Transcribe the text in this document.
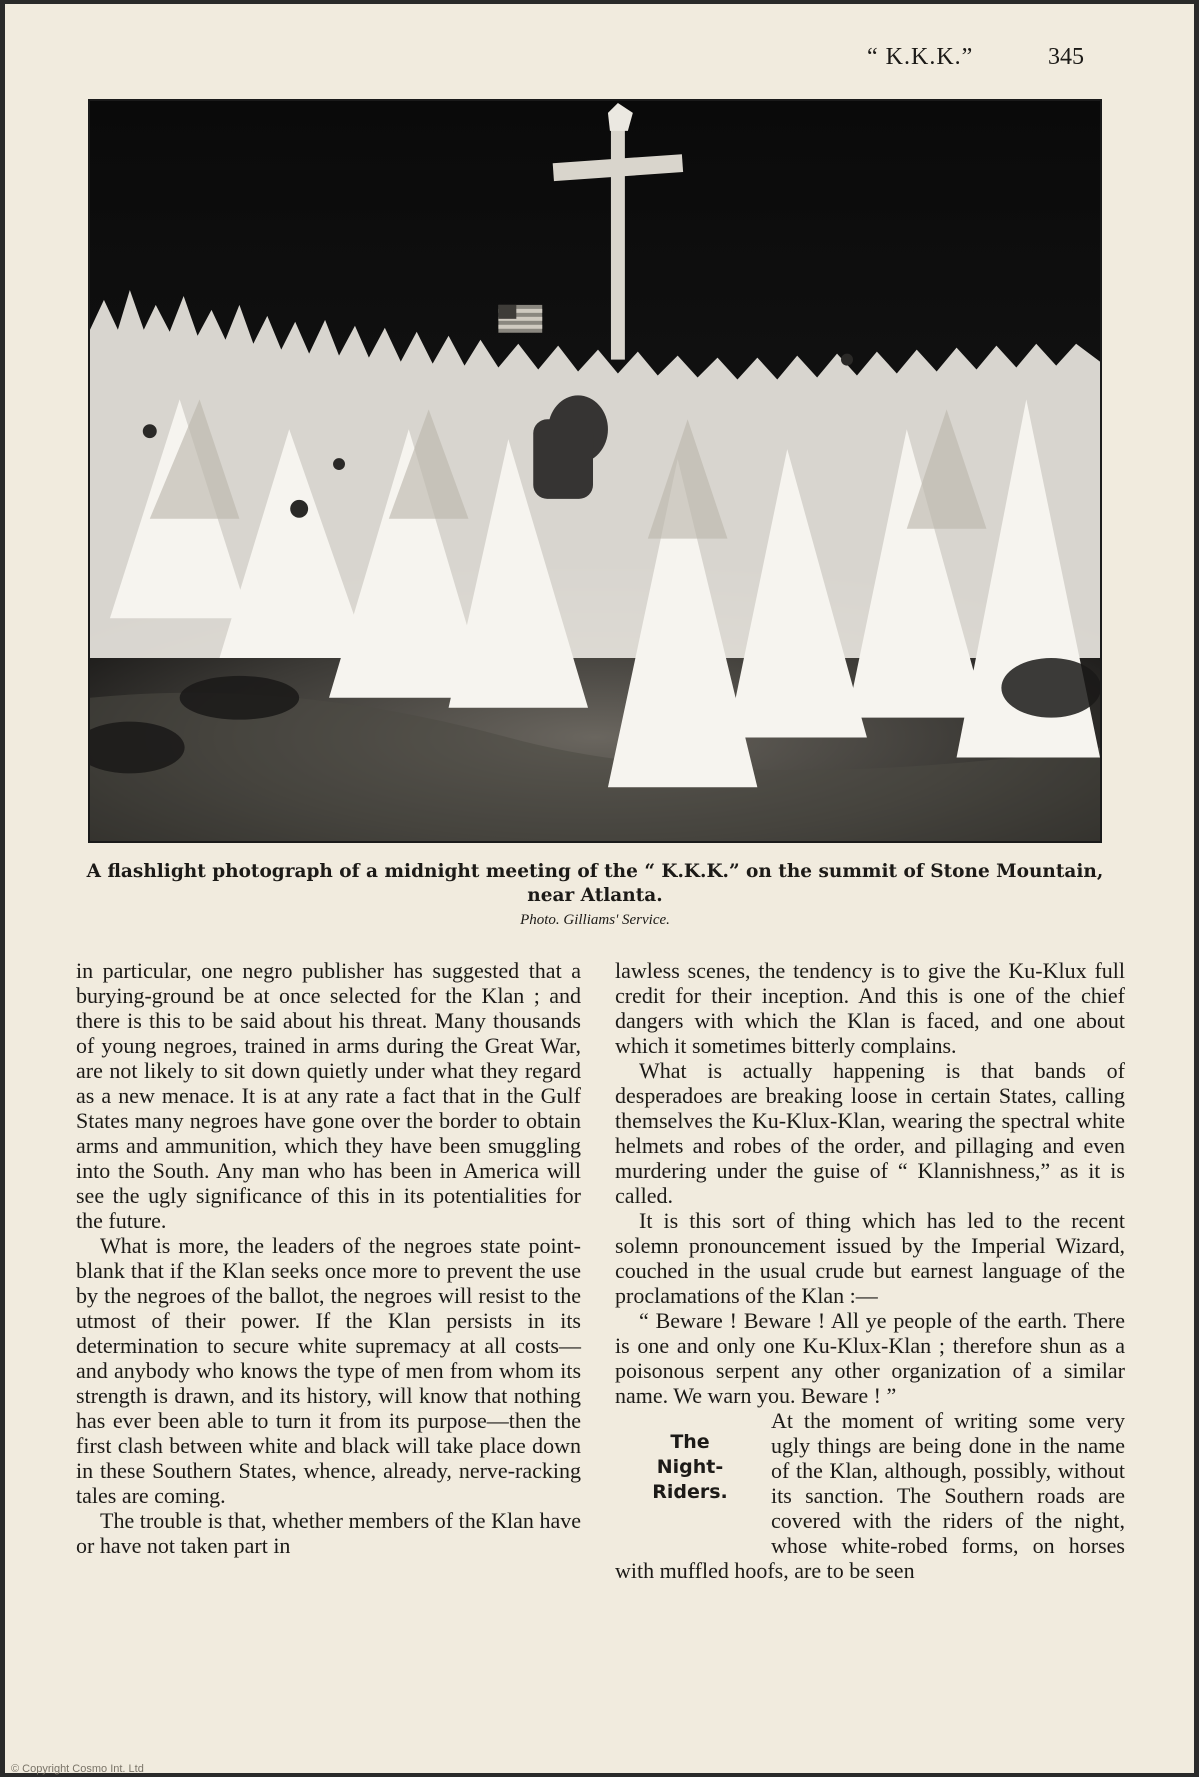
“ K.K.K.”	345
A flashlight photograph of a midnight meeting of the “ K.K.K.” on the summit of Stone Mountain, near Atlanta.
Photo. Gilliams' Service.

in particular, one negro publisher has suggested that a burying-ground be at once selected for the Klan ; and there is this to be said about his threat. Many thousands of young negroes, trained in arms during the Great War, are not likely to sit down quietly under what they regard as a new menace. It is at any rate a fact that in the Gulf States many negroes have gone over the border to obtain arms and ammunition, which they have been smuggling into the South. Any man who has been in America will see the ugly significance of this in its potentialities for the future.

What is more, the leaders of the negroes state point-blank that if the Klan seeks once more to prevent the use by the negroes of the ballot, the negroes will resist to the utmost of their power. If the Klan persists in its determination to secure white supremacy at all costs—and anybody who knows the type of men from whom its strength is drawn, and its history, will know that nothing has ever been able to turn it from its purpose—then the first clash between white and black will take place down in these Southern States, whence, already, nerve-racking tales are coming.

The trouble is that, whether members of the Klan have or have not taken part in

lawless scenes, the tendency is to give the Ku-Klux full credit for their inception. And this is one of the chief dangers with which the Klan is faced, and one about which it sometimes bitterly complains.

What is actually happening is that bands of desperadoes are breaking loose in certain States, calling themselves the Ku-Klux-Klan, wearing the spectral white helmets and robes of the order, and pillaging and even murdering under the guise of “ Klannishness,” as it is called.

It is this sort of thing which has led to the recent solemn pronouncement issued by the Imperial Wizard, couched in the usual crude but earnest language of the proclamations of the Klan :—

“ Beware ! Beware ! All ye people of the earth. There is one and only one Ku-Klux-Klan ; therefore shun as a poisonous serpent any other organization of a similar name. We warn you. Beware ! ”

The
Night-
Riders.

At the moment of writing some very ugly things are being done in the name of the Klan, although, possibly, without its sanction. The Southern roads are covered with the riders of the night, whose white-robed forms, on horses with muffled hoofs, are to be seen

© Copyright Cosmo Int. Ltd
